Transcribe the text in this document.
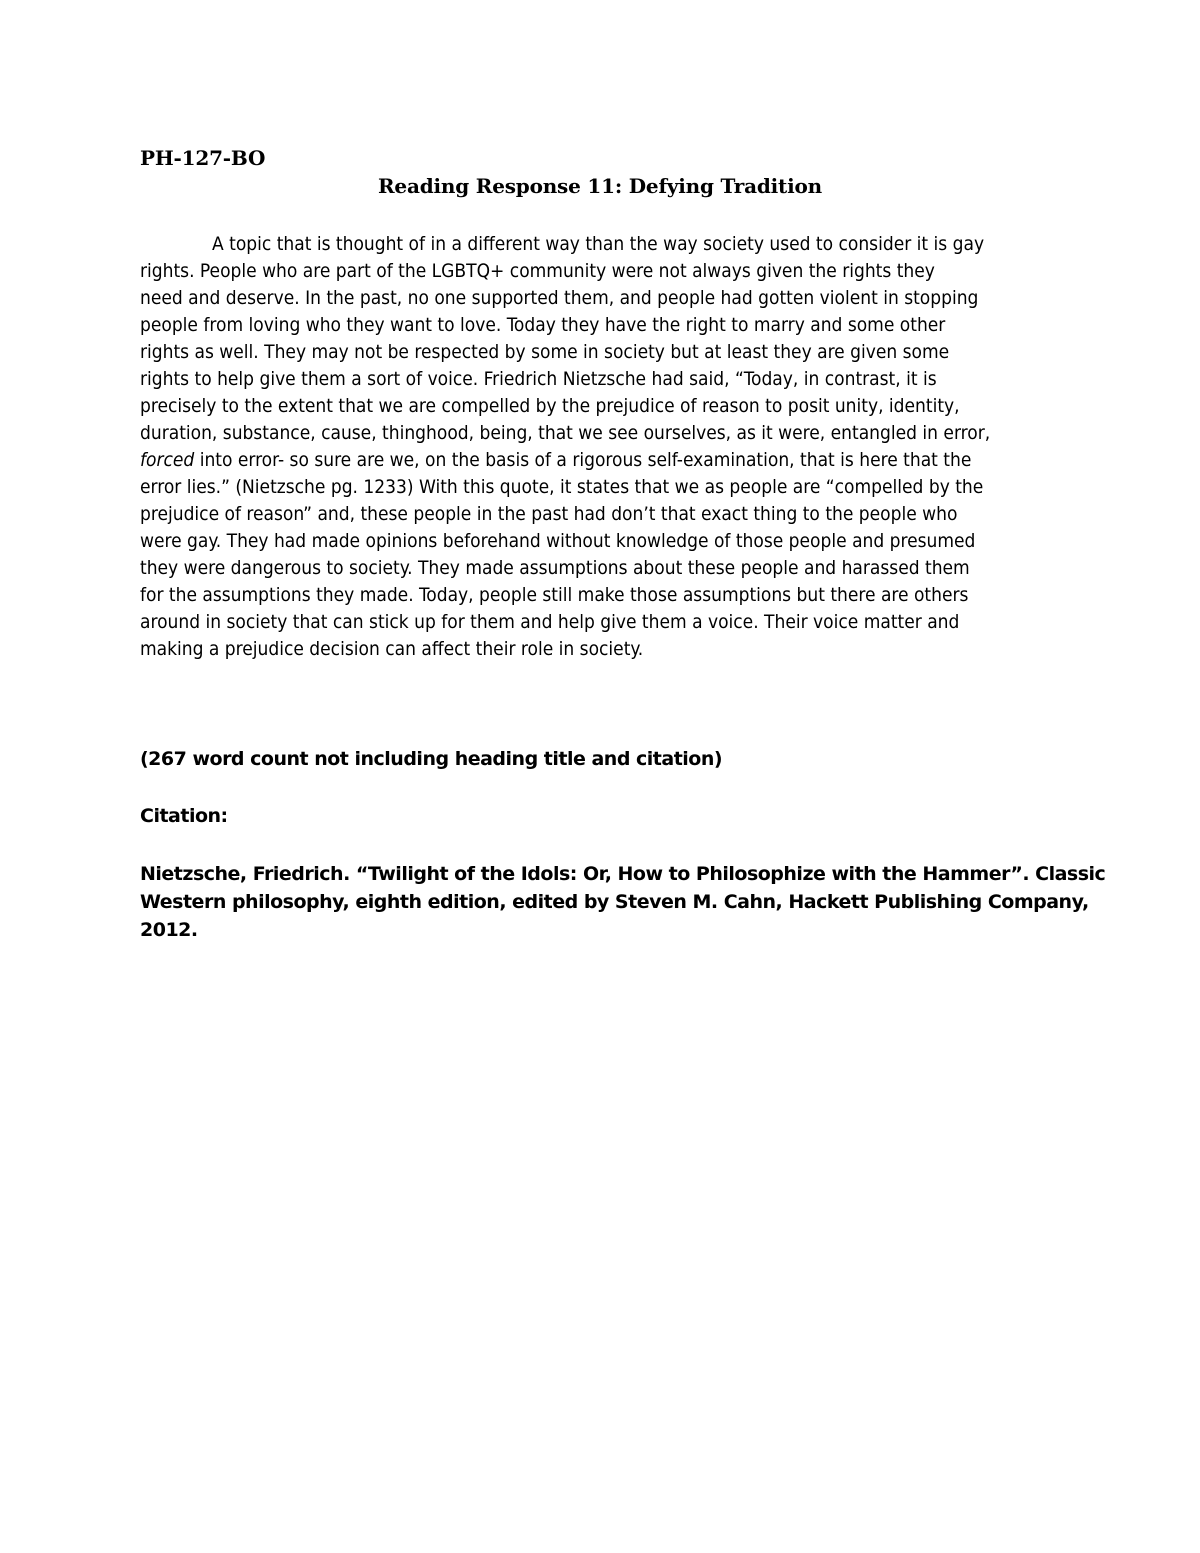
PH-127-BO

Reading Response 11: Defying Tradition

A topic that is thought of in a different way than the way society used to consider it is gay
rights. People who are part of the LGBTQ+ community were not always given the rights they
need and deserve. In the past, no one supported them, and people had gotten violent in stopping
people from loving who they want to love. Today they have the right to marry and some other
rights as well. They may not be respected by some in society but at least they are given some
rights to help give them a sort of voice. Friedrich Nietzsche had said, “Today, in contrast, it is
precisely to the extent that we are compelled by the prejudice of reason to posit unity, identity,
duration, substance, cause, thinghood, being, that we see ourselves, as it were, entangled in error,
forced into error- so sure are we, on the basis of a rigorous self-examination, that is here that the
error lies.” (Nietzsche pg. 1233) With this quote, it states that we as people are “compelled by the
prejudice of reason” and, these people in the past had don’t that exact thing to the people who
were gay. They had made opinions beforehand without knowledge of those people and presumed
they were dangerous to society. They made assumptions about these people and harassed them
for the assumptions they made. Today, people still make those assumptions but there are others
around in society that can stick up for them and help give them a voice. Their voice matter and
making a prejudice decision can affect their role in society.

(267 word count not including heading title and citation)

Citation:

Nietzsche, Friedrich. “Twilight of the Idols: Or, How to Philosophize with the Hammer”. Classic
Western philosophy, eighth edition, edited by Steven M. Cahn, Hackett Publishing Company,
2012.
